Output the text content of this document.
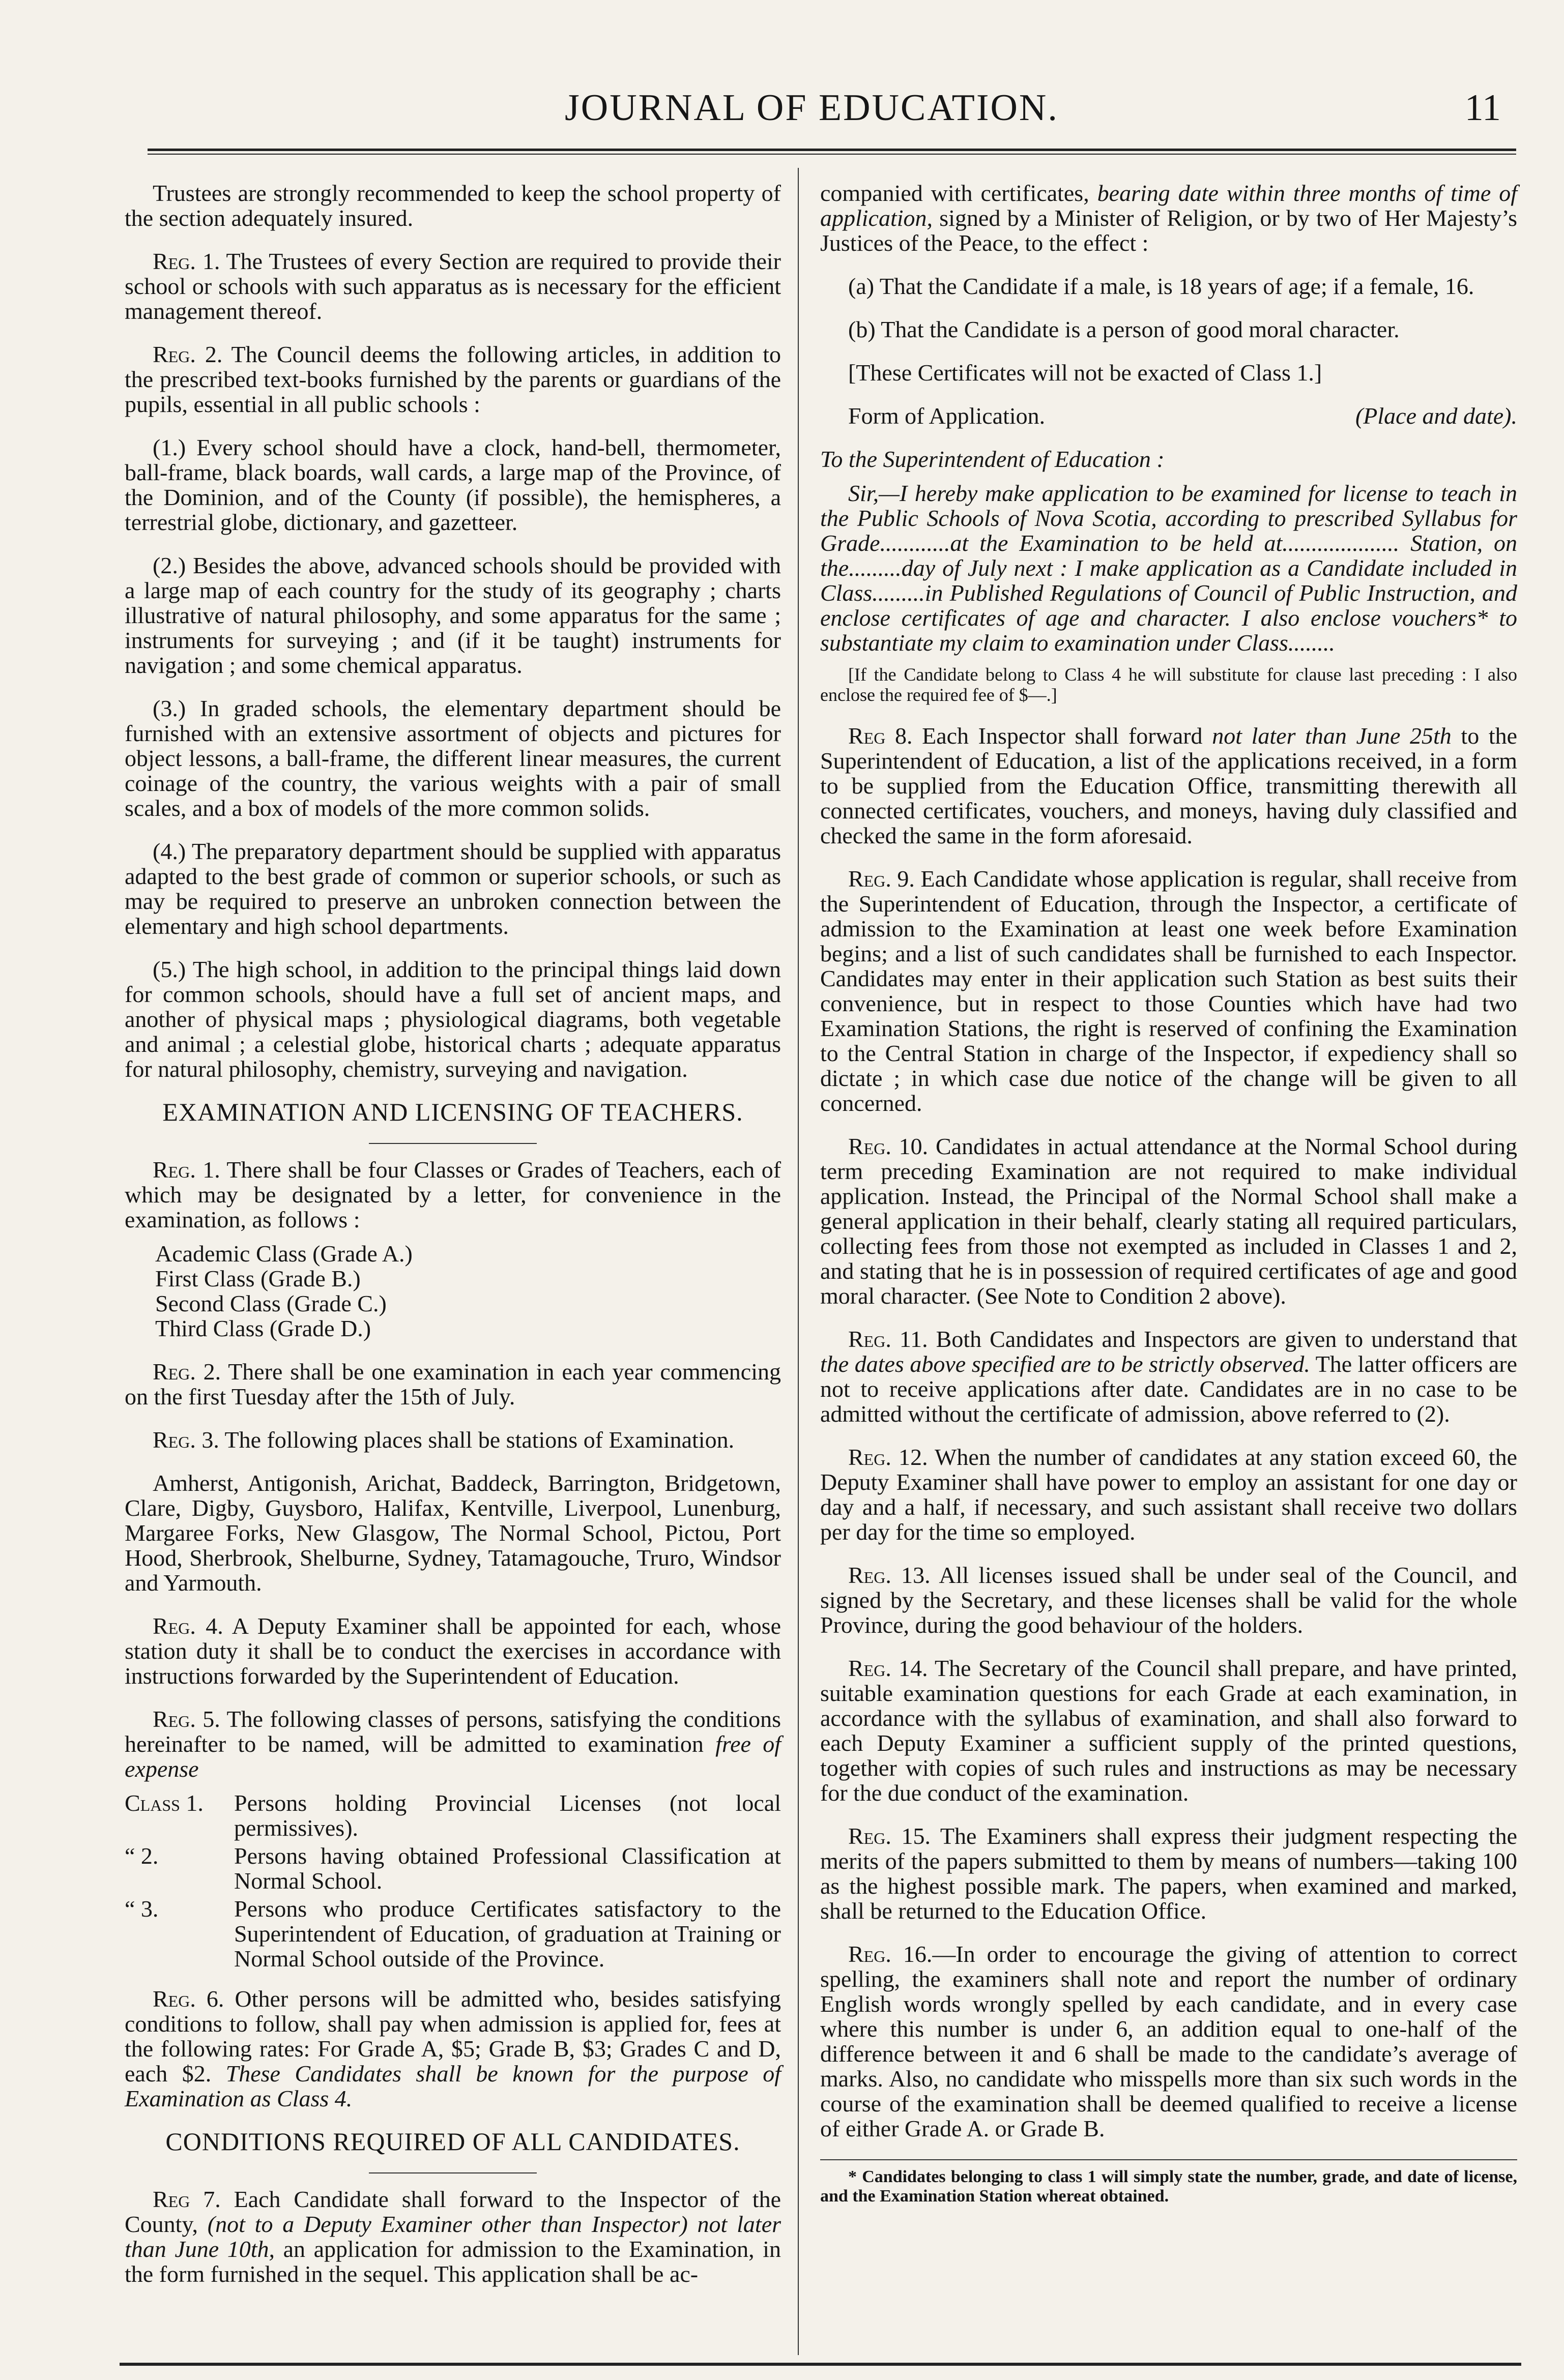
JOURNAL OF EDUCATION.	11

Trustees are strongly recommended to keep the school property of the section adequately insured.

Reg. 1. The Trustees of every Section are required to provide their school or schools with such apparatus as is necessary for the efficient management thereof.

Reg. 2. The Council deems the following articles, in addition to the prescribed text-books furnished by the parents or guardians of the pupils, essential in all public schools :

(1.) Every school should have a clock, hand-bell, thermometer, ball-frame, black boards, wall cards, a large map of the Province, of the Dominion, and of the County (if possible), the hemispheres, a terrestrial globe, dictionary, and gazetteer.

(2.) Besides the above, advanced schools should be provided with a large map of each country for the study of its geography ; charts illustrative of natural philosophy, and some apparatus for the same ; instruments for surveying ; and (if it be taught) instruments for navigation ; and some chemical apparatus.

(3.) In graded schools, the elementary department should be furnished with an extensive assortment of objects and pictures for object lessons, a ball-frame, the different linear measures, the current coinage of the country, the various weights with a pair of small scales, and a box of models of the more common solids.

(4.) The preparatory department should be supplied with apparatus adapted to the best grade of common or superior schools, or such as may be required to preserve an unbroken connection between the elementary and high school departments.

(5.) The high school, in addition to the principal things laid down for common schools, should have a full set of ancient maps, and another of physical maps ; physiological diagrams, both vegetable and animal ; a celestial globe, historical charts ; adequate apparatus for natural philosophy, chemistry, surveying and navigation.

EXAMINATION AND LICENSING OF TEACHERS.

Reg. 1. There shall be four Classes or Grades of Teachers, each of which may be designated by a letter, for convenience in the examination, as follows :

Academic Class (Grade A.)
First Class (Grade B.)
Second Class (Grade C.)
Third Class (Grade D.)

Reg. 2. There shall be one examination in each year commencing on the first Tuesday after the 15th of July.

Reg. 3. The following places shall be stations of Examination.

Amherst, Antigonish, Arichat, Baddeck, Barrington, Bridgetown, Clare, Digby, Guysboro, Halifax, Kentville, Liverpool, Lunenburg, Margaree Forks, New Glasgow, The Normal School, Pictou, Port Hood, Sherbrook, Shelburne, Sydney, Tatamagouche, Truro, Windsor and Yarmouth.

Reg. 4. A Deputy Examiner shall be appointed for each, whose station duty it shall be to conduct the exercises in accordance with instructions forwarded by the Superintendent of Education.

Reg. 5. The following classes of persons, satisfying the conditions hereinafter to be named, will be admitted to examination free of expense

Class 1.	Persons holding Provincial Licenses (not local permissives).
“ 2.	Persons having obtained Professional Classification at Normal School.
“ 3.	Persons who produce Certificates satisfactory to the Superintendent of Education, of graduation at Training or Normal School outside of the Province.

Reg. 6. Other persons will be admitted who, besides satisfying conditions to follow, shall pay when admission is applied for, fees at the following rates: For Grade A, $5; Grade B, $3; Grades C and D, each $2. These Candidates shall be known for the purpose of Examination as Class 4.

CONDITIONS REQUIRED OF ALL CANDIDATES.

Reg 7. Each Candidate shall forward to the Inspector of the County, (not to a Deputy Examiner other than Inspector) not later than June 10th, an application for admission to the Examination, in the form furnished in the sequel. This application shall be ac-

companied with certificates, bearing date within three months of time of application, signed by a Minister of Religion, or by two of Her Majesty’s Justices of the Peace, to the effect :

(a) That the Candidate if a male, is 18 years of age; if a female, 16.

(b) That the Candidate is a person of good moral character.

[These Certificates will not be exacted of Class 1.]

Form of Application.	(Place and date).

To the Superintendent of Education :

Sir,—I hereby make application to be examined for license to teach in the Public Schools of Nova Scotia, according to prescribed Syllabus for Grade............at the Examination to be held at.................... Station, on the.........day of July next : I make application as a Candidate included in Class.........in Published Regulations of Council of Public Instruction, and enclose certificates of age and character. I also enclose vouchers* to substantiate my claim to examination under Class........

[If the Candidate belong to Class 4 he will substitute for clause last preceding : I also enclose the required fee of $—.]

Reg 8. Each Inspector shall forward not later than June 25th to the Superintendent of Education, a list of the applications received, in a form to be supplied from the Education Office, transmitting therewith all connected certificates, vouchers, and moneys, having duly classified and checked the same in the form aforesaid.

Reg. 9. Each Candidate whose application is regular, shall receive from the Superintendent of Education, through the Inspector, a certificate of admission to the Examination at least one week before Examination begins; and a list of such candidates shall be furnished to each Inspector. Candidates may enter in their application such Station as best suits their convenience, but in respect to those Counties which have had two Examination Stations, the right is reserved of confining the Examination to the Central Station in charge of the Inspector, if expediency shall so dictate ; in which case due notice of the change will be given to all concerned.

Reg. 10. Candidates in actual attendance at the Normal School during term preceding Examination are not required to make individual application. Instead, the Principal of the Normal School shall make a general application in their behalf, clearly stating all required particulars, collecting fees from those not exempted as included in Classes 1 and 2, and stating that he is in possession of required certificates of age and good moral character. (See Note to Condition 2 above).

Reg. 11. Both Candidates and Inspectors are given to understand that the dates above specified are to be strictly observed. The latter officers are not to receive applications after date. Candidates are in no case to be admitted without the certificate of admission, above referred to (2).

Reg. 12. When the number of candidates at any station exceed 60, the Deputy Examiner shall have power to employ an assistant for one day or day and a half, if necessary, and such assistant shall receive two dollars per day for the time so employed.

Reg. 13. All licenses issued shall be under seal of the Council, and signed by the Secretary, and these licenses shall be valid for the whole Province, during the good behaviour of the holders.

Reg. 14. The Secretary of the Council shall prepare, and have printed, suitable examination questions for each Grade at each examination, in accordance with the syllabus of examination, and shall also forward to each Deputy Examiner a sufficient supply of the printed questions, together with copies of such rules and instructions as may be necessary for the due conduct of the examination.

Reg. 15. The Examiners shall express their judgment respecting the merits of the papers submitted to them by means of numbers—taking 100 as the highest possible mark. The papers, when examined and marked, shall be returned to the Education Office.

Reg. 16.—In order to encourage the giving of attention to correct spelling, the examiners shall note and report the number of ordinary English words wrongly spelled by each candidate, and in every case where this number is under 6, an addition equal to one-half of the difference between it and 6 shall be made to the candidate’s average of marks. Also, no candidate who misspells more than six such words in the course of the examination shall be deemed qualified to receive a license of either Grade A. or Grade B.

* Candidates belonging to class 1 will simply state the number, grade, and date of license, and the Examination Station whereat obtained.
